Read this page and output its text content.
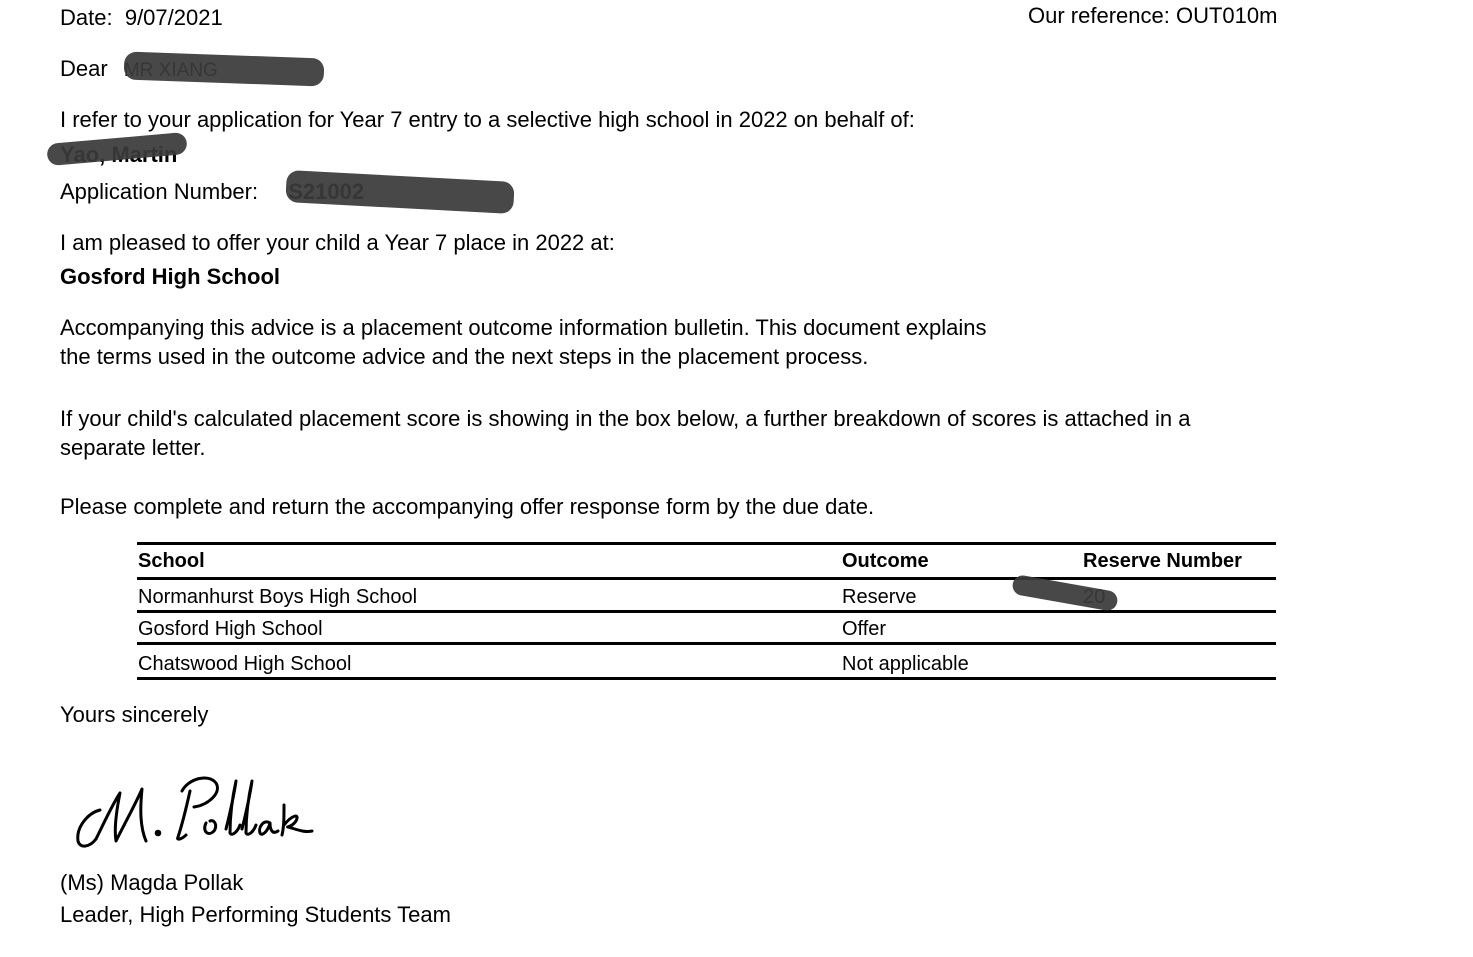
Date: 9/07/2021	Our reference: OUT010m
Dear
I refer to your application for Year 7 entry to a selective high school in 2022 on behalf of:
Application Number:
I am pleased to offer your child a Year 7 place in 2022 at:
Gosford High School
Accompanying this advice is a placement outcome information bulletin. This document explains
the terms used in the outcome advice and the next steps in the placement process.
If your child's calculated placement score is showing in the box below, a further breakdown of scores is attached in a
separate letter.
Please complete and return the accompanying offer response form by the due date.
School	Outcome	Reserve Number
Normanhurst Boys High School	Reserve	
Gosford High School	Offer	
Chatswood High School	Not applicable	
Yours sincerely
(Ms) Magda Pollak
Leader, High Performing Students Team
